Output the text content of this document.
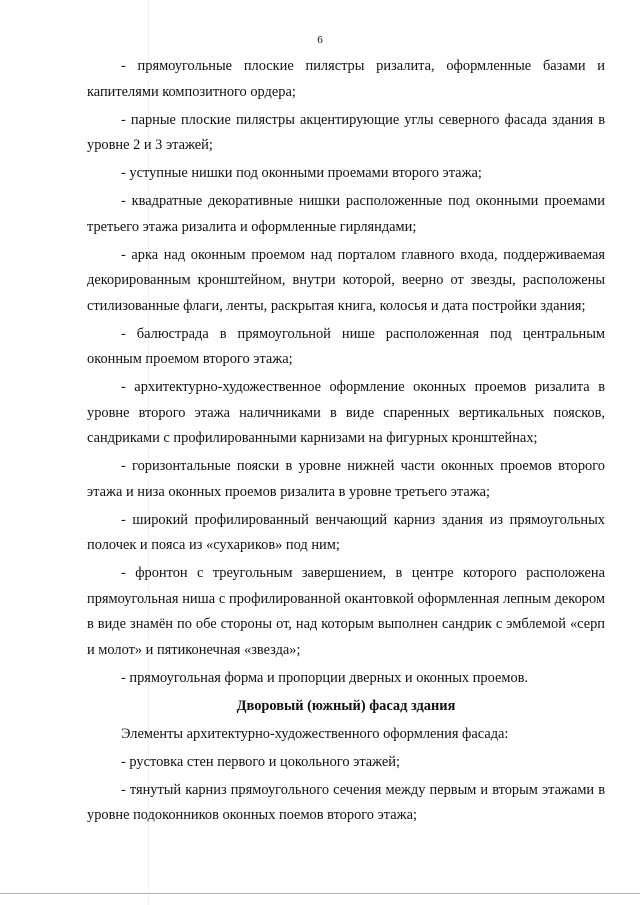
6

- прямоугольные плоские пилястры ризалита, оформленные базами и капителями композитного ордера;

- парные плоские пилястры акцентирующие углы северного фасада здания в уровне 2 и 3 этажей;

- уступные нишки под оконными проемами второго этажа;

- квадратные декоративные нишки расположенные под оконными проемами третьего этажа ризалита и оформленные гирляндами;

- арка над оконным проемом над порталом главного входа, поддерживаемая декорированным кронштейном, внутри которой, веерно от звезды, расположены стилизованные флаги, ленты, раскрытая книга, колосья и дата постройки здания;

- балюстрада в прямоугольной нише расположенная под центральным оконным проемом второго этажа;

- архитектурно-художественное оформление оконных проемов ризалита в уровне второго этажа наличниками в виде спаренных вертикальных поясков, сандриками с профилированными карнизами на фигурных кронштейнах;

- горизонтальные пояски в уровне нижней части оконных проемов второго этажа и низа оконных проемов ризалита в уровне третьего этажа;

- широкий профилированный венчающий карниз здания из прямоугольных полочек и пояса из «сухариков» под ним;

- фронтон с треугольным завершением, в центре которого расположена прямоугольная ниша с профилированной окантовкой оформленная лепным декором в виде знамён по обе стороны от, над которым выполнен сандрик с эмблемой «серп и молот» и пятиконечная «звезда»;

- прямоугольная форма и пропорции дверных и оконных проемов.

Дворовый (южный) фасад здания

Элементы архитектурно-художественного оформления фасада:

- рустовка стен первого и цокольного этажей;

- тянутый карниз прямоугольного сечения между первым и вторым этажами в уровне подоконников оконных поемов второго этажа;
